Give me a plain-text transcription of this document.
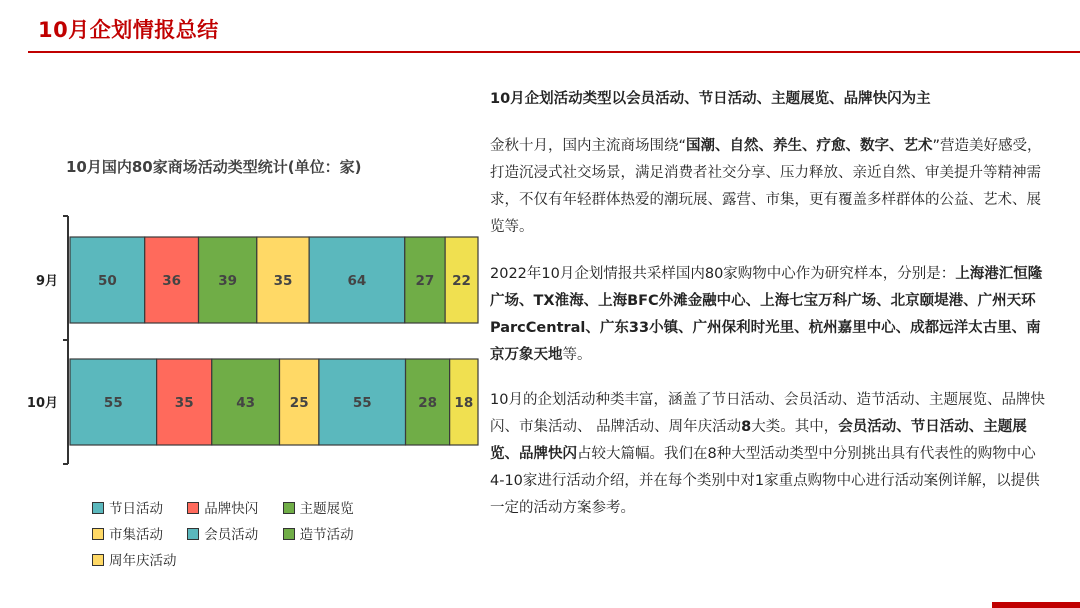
10月企划情报总结
10月国内80家商场活动类型统计(单位：家)
9月	50	36	39	35	64	27 22
10月	55	35	43	25	55	28 18
节日活动	品牌快闪	主题展览 市集活动	会员活动	造节活动 周年庆活动

10月企划活动类型以会员活动、节日活动、主题展览、品牌快闪为主

金秋十月，国内主流商场围绕“国潮、自然、养生、疗愈、数字、艺术”营造美好感受，打造沉浸式社交场景，满足消费者社交分享、压力释放、亲近自然、审美提升等精神需求，不仅有年轻群体热爱的潮玩展、露营、市集，更有覆盖多样群体的公益、艺术、展览等。

2022年10月企划情报共采样国内80家购物中心作为研究样本，分别是：上海港汇恒隆广场、TX淮海、上海BFC外滩金融中心、上海七宝万科广场、北京颐堤港、广州天环ParcCentral、广东33小镇、广州保利时光里、杭州嘉里中心、成都远洋太古里、南京万象天地等。

10月的企划活动种类丰富，涵盖了节日活动、会员活动、造节活动、主题展览、品牌快闪、市集活动、 品牌活动、周年庆活动8大类。其中，会员活动、节日活动、主题展览、品牌快闪占较大篇幅。我们在8种大型活动类型中分别挑出具有代表性的购物中心4-10家进行活动介绍，并在每个类别中对1家重点购物中心进行活动案例详解，以提供一定的活动方案参考。
